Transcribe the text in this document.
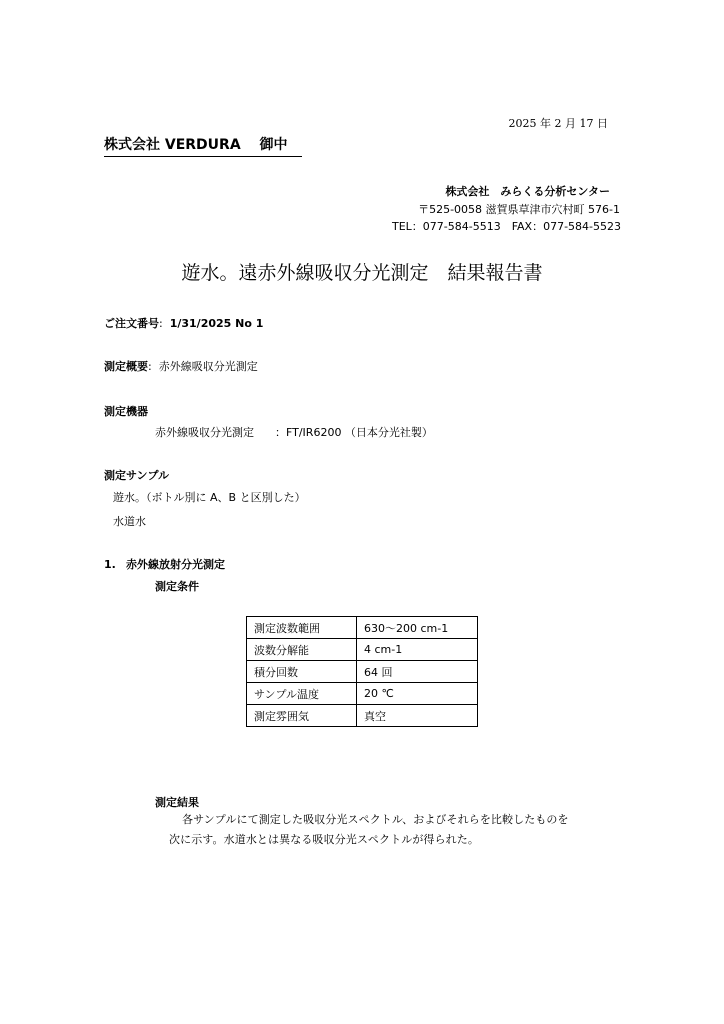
2025 年 2 月 17 日
株式会社 VERDURA　 御中
株式会社　みらくる分析センター
〒525-0058 滋賀県草津市穴村町 576-1
TEL：077-584-5513　FAX：077-584-5523
遊水。遠赤外線吸収分光測定　結果報告書
ご注文番号:  1/31/2025 No 1
測定概要:  赤外線吸収分光測定
測定機器
赤外線吸収分光測定 ：FT/IR6200 （日本分光社製）
測定サンプル
遊水。（ボトル別に A、B と区別した）
水道水
1. 赤外線放射分光測定
測定条件
測定波数範囲	630〜200 cm-1
波数分解能	4 cm-1
積分回数	64 回
サンプル温度	20 ℃
測定雰囲気	真空
測定結果
各サンプルにて測定した吸収分光スペクトル、およびそれらを比較したものを
次に示す。水道水とは異なる吸収分光スペクトルが得られた。
